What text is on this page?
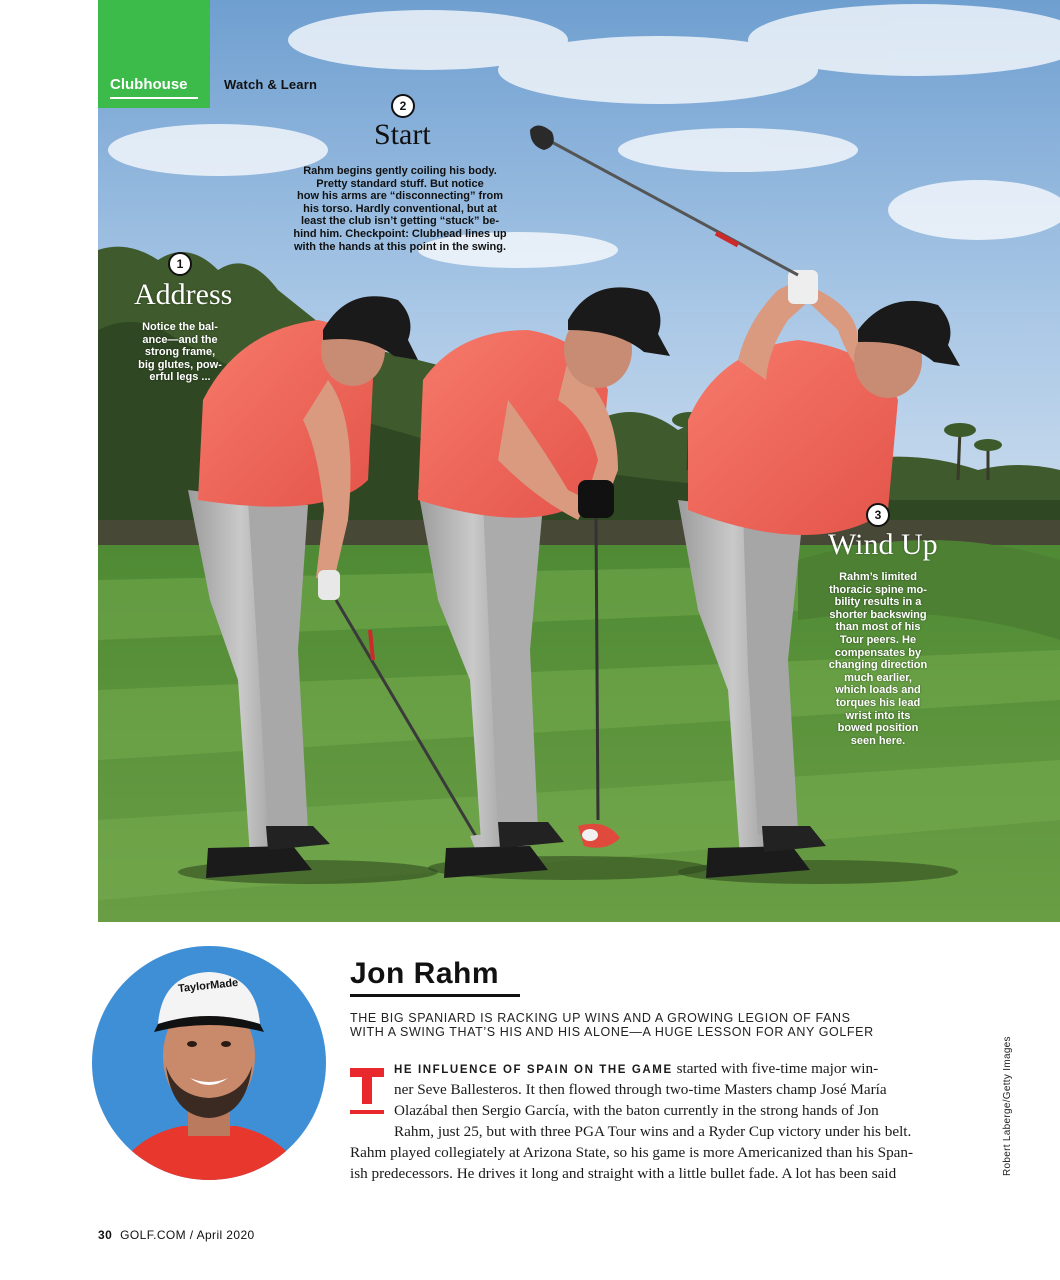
Clubhouse	Watch & Learn
1
Address
Notice the bal-
ance—and the
strong frame,
big glutes, pow-
erful legs ...
2
Start
Rahm begins gently coiling his body.
Pretty standard stuff. But notice
how his arms are “disconnecting” from
his torso. Hardly conventional, but at
least the club isn’t getting “stuck” be-
hind him. Checkpoint: Clubhead lines up
with the hands at this point in the swing.
3
Wind Up
Rahm’s limited
thoracic spine mo-
bility results in a
shorter backswing
than most of his
Tour peers. He
compensates by
changing direction
much earlier,
which loads and
torques his lead
wrist into its
bowed position
seen here.
TaylorMade	Jon Rahm
THE BIG SPANIARD IS RACKING UP WINS AND A GROWING LEGION OF FANS
WITH A SWING THAT’S HIS AND HIS ALONE—A HUGE LESSON FOR ANY GOLFER
HE INFLUENCE OF SPAIN ON THE GAME started with five-time major win-
ner Seve Ballesteros. It then flowed through two-time Masters champ José María
Olazábal then Sergio García, with the baton currently in the strong hands of Jon
Rahm, just 25, but with three PGA Tour wins and a Ryder Cup victory under his belt.
Rahm played collegiately at Arizona State, so his game is more Americanized than his Span-
ish predecessors. He drives it long and straight with a little bullet fade. A lot has been said	Robert Laberge/Getty Images
30 GOLF.COM / April 2020
